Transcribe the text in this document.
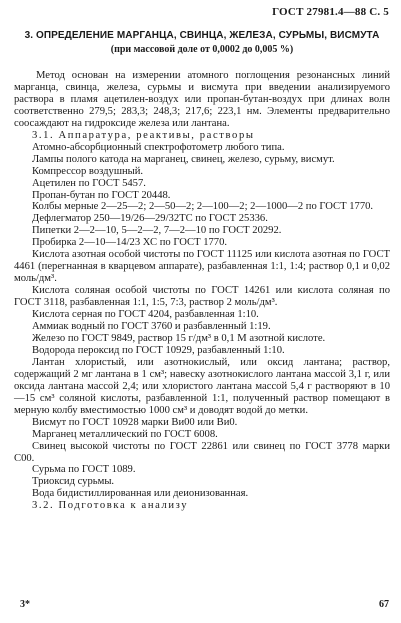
ГОСТ 27981.4—88 С. 5
3. ОПРЕДЕЛЕНИЕ МАРГАНЦА, СВИНЦА, ЖЕЛЕЗА, СУРЬМЫ, ВИСМУТА
(при массовой доле от 0,0002 до 0,005 %)

Метод основан на измерении атомного поглощения резонансных линий марганца, свинца, железа, сурьмы и висмута при введении анализируемого раствора в пламя ацетилен-воздух или пропан-бутан-воздух при длинах волн соответственно 279,5; 283,3; 248,3; 217,6; 223,1 нм. Элементы предварительно соосаждают на гидроксиде железа или лантана.

3.1. Аппаратура, реактивы, растворы

Атомно-абсорбционный спектрофотометр любого типа.

Лампы полого катода на марганец, свинец, железо, сурьму, висмут.

Компрессор воздушный.

Ацетилен по ГОСТ 5457.

Пропан-бутан по ГОСТ 20448.

Колбы мерные 2—25—2; 2—50—2; 2—100—2; 2—1000—2 по ГОСТ 1770.

Дефлегматор 250—19/26—29/32ТС по ГОСТ 25336.

Пипетки 2—2—10, 5—2—2, 7—2—10 по ГОСТ 20292.

Пробирка 2—10—14/23 ХС по ГОСТ 1770.

Кислота азотная особой чистоты по ГОСТ 11125 или кислота азотная по ГОСТ 4461 (перегнанная в кварцевом аппарате), разбавленная 1:1, 1:4; раствор 0,1 и 0,02 моль/дм³.

Кислота соляная особой чистоты по ГОСТ 14261 или кислота соляная по ГОСТ 3118, разбавленная 1:1, 1:5, 7:3, раствор 2 моль/дм³.

Кислота серная по ГОСТ 4204, разбавленная 1:10.

Аммиак водный по ГОСТ 3760 и разбавленный 1:19.

Железо по ГОСТ 9849, раствор 15 г/дм³ в 0,1 М азотной кислоте.

Водорода пероксид по ГОСТ 10929, разбавленный 1:10.

Лантан хлористый, или азотнокислый, или оксид лантана; раствор, содержащий 2 мг лантана в 1 см³; навеску азотнокислого лантана массой 3,1 г, или оксида лантана массой 2,4; или хлористого лантана массой 5,4 г растворяют в 10—15 см³ соляной кислоты, разбавленной 1:1, полученный раствор помещают в мерную колбу вместимостью 1000 см³ и доводят водой до метки.

Висмут по ГОСТ 10928 марки Ви00 или Ви0.

Марганец металлический по ГОСТ 6008.

Свинец высокой чистоты по ГОСТ 22861 или свинец по ГОСТ 3778 марки С00.

Сурьма по ГОСТ 1089.

Триоксид сурьмы.

Вода бидистиллированная или деионизованная.

3.2. Подготовка к анализу

3*	67
